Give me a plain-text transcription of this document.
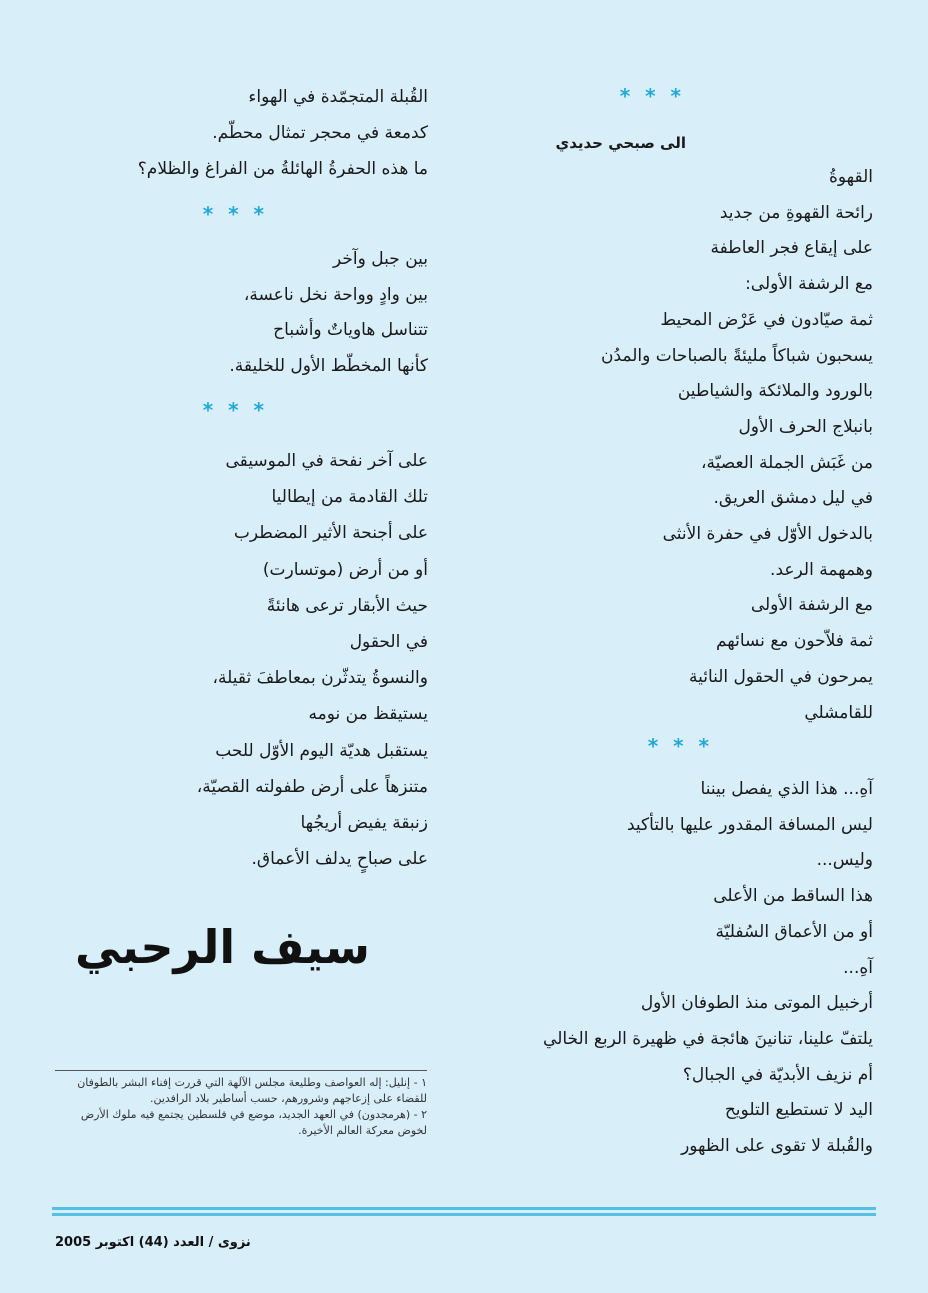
* * *
الى صبحي حديدي
القهوةُ
رائحة القهوةِ من جديد
على إيقاع فجر العاطفة
مع الرشفة الأولى:
ثمة صيّادون في عَرْض المحيط
يسحبون شباكاً مليئةً بالصباحات والمدُن
بالورود والملائكة والشياطين
بانبلاج الحرف الأول
من غَبَش الجملة العصيّة،
في ليل دمشق العريق.
بالدخول الأوّل في حفرة الأنثى
وهمهمة الرعد.
مع الرشفة الأولى
ثمة فلاّحون مع نسائهم
يمرحون في الحقول النائية
للقامشلي
* * *
آهِ... هذا الذي يفصل بيننا
ليس المسافة المقدور عليها بالتأكيد
وليس...
هذا الساقط من الأعلى
أو من الأعماق السُفليّة
آهِ...
أرخبيل الموتى منذ الطوفان الأول
يلتفّ علينا، تنانينَ هائجة في ظهيرة الربع الخالي
أم نزيف الأبديّة في الجبال؟
اليد لا تستطيع التلويح
والقُبلة لا تقوى على الظهور
القُبلة المتجمّدة في الهواء
كدمعة في محجر تمثال محطّم.
ما هذه الحفرةُ الهائلةُ من الفراغ والظلام؟
* * *
بين جبل وآخر
بين وادٍ وواحة نخل ناعسة،
تتناسل هاوياتٌ وأشباح
كأنها المخطّط الأول للخليقة.
* * *
على آخر نفحة في الموسيقى
تلك القادمة من إيطاليا
على أجنحة الأثير المضطرب
أو من أرض (موتسارت)
حيث الأبقار ترعى هانئةً
في الحقول
والنسوةُ يتدثّرن بمعاطفَ ثقيلة،
يستيقظ من نومه
يستقبل هديّة اليوم الأوّل للحب
متنزهاً على أرض طفولته القصيّة،
زنبقة يفيض أريجُها
على صباحٍ يدلف الأعماق.
سيف الرحبي

١ - إنليل: إله العواصف وطليعة مجلس الآلهة التي قررت إفناء البشر بالطوفان للقضاء على إزعاجهم وشرورهم، حسب أساطير بلاد الرافدين.

٢ - (هرمجدون) في العهد الجديد، موضع في فلسطين يجتمع فيه ملوك الأرض لخوض معركة العالم الأخيرة.

نزوى / العدد (44) اكتوبر 2005
